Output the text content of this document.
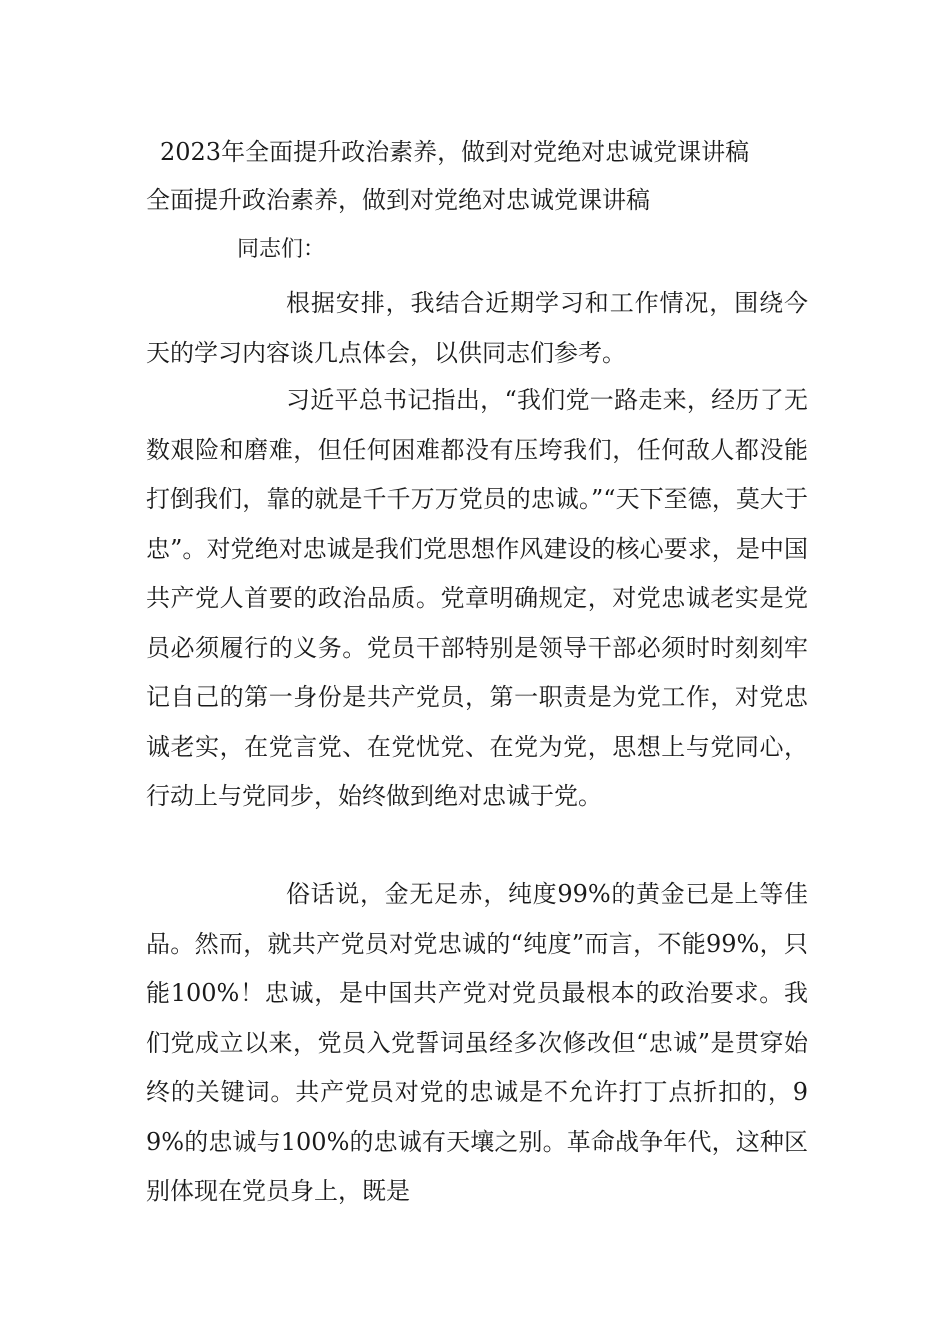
2023年全面提升政治素养，做到对党绝对忠诚党课讲稿
全面提升政治素养，做到对党绝对忠诚党课讲稿
同志们：

根据安排，我结合近期学习和工作情况，围绕今天的学习内容谈几点体会，以供同志们参考。

习近平总书记指出，“我们党一路走来，经历了无数艰险和磨难，但任何困难都没有压垮我们，任何敌人都没能打倒我们，靠的就是千千万万党员的忠诚。”“天下至德，莫大于忠”。对党绝对忠诚是我们党思想作风建设的核心要求，是中国共产党人首要的政治品质。党章明确规定，对党忠诚老实是党员必须履行的义务。党员干部特别是领导干部必须时时刻刻牢记自己的第一身份是共产党员，第一职责是为党工作，对党忠诚老实，在党言党、在党忧党、在党为党，思想上与党同心，行动上与党同步，始终做到绝对忠诚于党。

俗话说，金无足赤，纯度99%的黄金已是上等佳品。然而，就共产党员对党忠诚的“纯度”而言，不能99%，只能100%！忠诚，是中国共产党对党员最根本的政治要求。我们党成立以来，党员入党誓词虽经多次修改但“忠诚”是贯穿始终的关键词。共产党员对党的忠诚是不允许打丁点折扣的，99%的忠诚与100%的忠诚有天壤之别。革命战争年代，这种区别体现在党员身上，既是
